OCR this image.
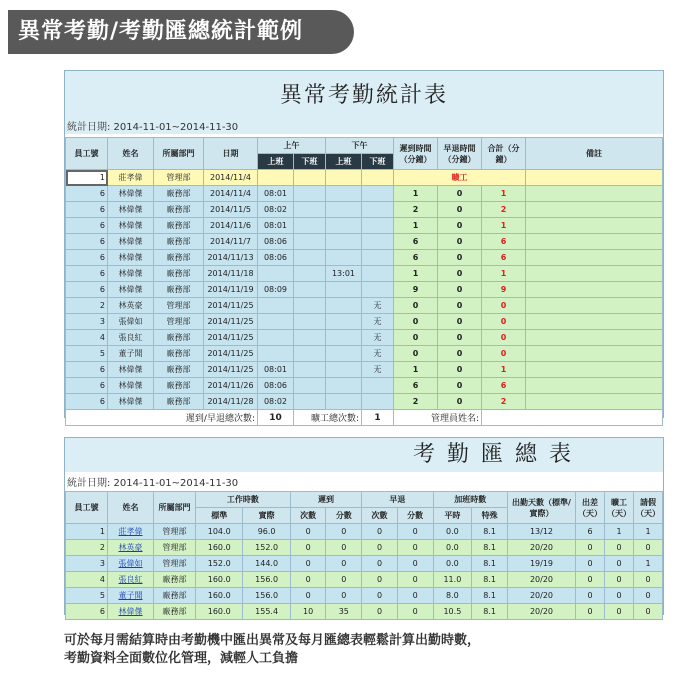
異常考勤/考勤匯總統計範例
異常考勤統計表
統計日期: 2014-11-01~2014-11-30
員工號	姓名	所屬部門	日期	上午		下午		遲到時間（分鐘）	早退時間（分鐘）	合計（分鐘）	備註
				上班	下班	上班	下班				
1	莊孝偉	管理部	2014/11/4					曠工			
6	林偉傑	廠務部	2014/11/4	08:01				1	0	1	
6	林偉傑	廠務部	2014/11/5	08:02				2	0	2	
6	林偉傑	廠務部	2014/11/6	08:01				1	0	1	
6	林偉傑	廠務部	2014/11/7	08:06				6	0	6	
6	林偉傑	廠務部	2014/11/13	08:06				6	0	6	
6	林偉傑	廠務部	2014/11/18			13:01		1	0	1	
6	林偉傑	廠務部	2014/11/19	08:09				9	0	9	
2	林英豪	管理部	2014/11/25				无	0	0	0	
3	張偉如	管理部	2014/11/25				无	0	0	0	
4	張良紅	廠務部	2014/11/25				无	0	0	0	
5	董子聞	廠務部	2014/11/25				无	0	0	0	
6	林偉傑	廠務部	2014/11/25	08:01			无	1	0	1	
6	林偉傑	廠務部	2014/11/26	08:06				6	0	6	
6	林偉傑	廠務部	2014/11/28	08:02				2	0	2	
		遲到/早退總次數:		10	曠工總次數:		1	管理員姓名:			
考勤匯總表
統計日期: 2014-11-01~2014-11-30
員工號	姓名	所屬部門	工作時數		遲到		早退		加班時數		出勤天數（標準/實際）	出差（天）	曠工（天）	請假（天）
			標準	實際	次數	分數	次數	分數	平時	特殊				
1	莊孝偉	管理部	104.0	96.0	0	0	0	0	0.0	8.1	13/12	6	1	1
2	林英豪	管理部	160.0	152.0	0	0	0	0	0.0	8.1	20/20	0	0	0
3	張偉如	管理部	152.0	144.0	0	0	0	0	0.0	8.1	19/19	0	0	1
4	張良紅	廠務部	160.0	156.0	0	0	0	0	11.0	8.1	20/20	0	0	0
5	董子聞	廠務部	160.0	156.0	0	0	0	0	8.0	8.1	20/20	0	0	0
6	林偉傑	廠務部	160.0	155.4	10	35	0	0	10.5	8.1	20/20	0	0	0
可於每月需結算時由考勤機中匯出異常及每月匯總表輕鬆計算出勤時數，
考勤資料全面數位化管理，減輕人工負擔
